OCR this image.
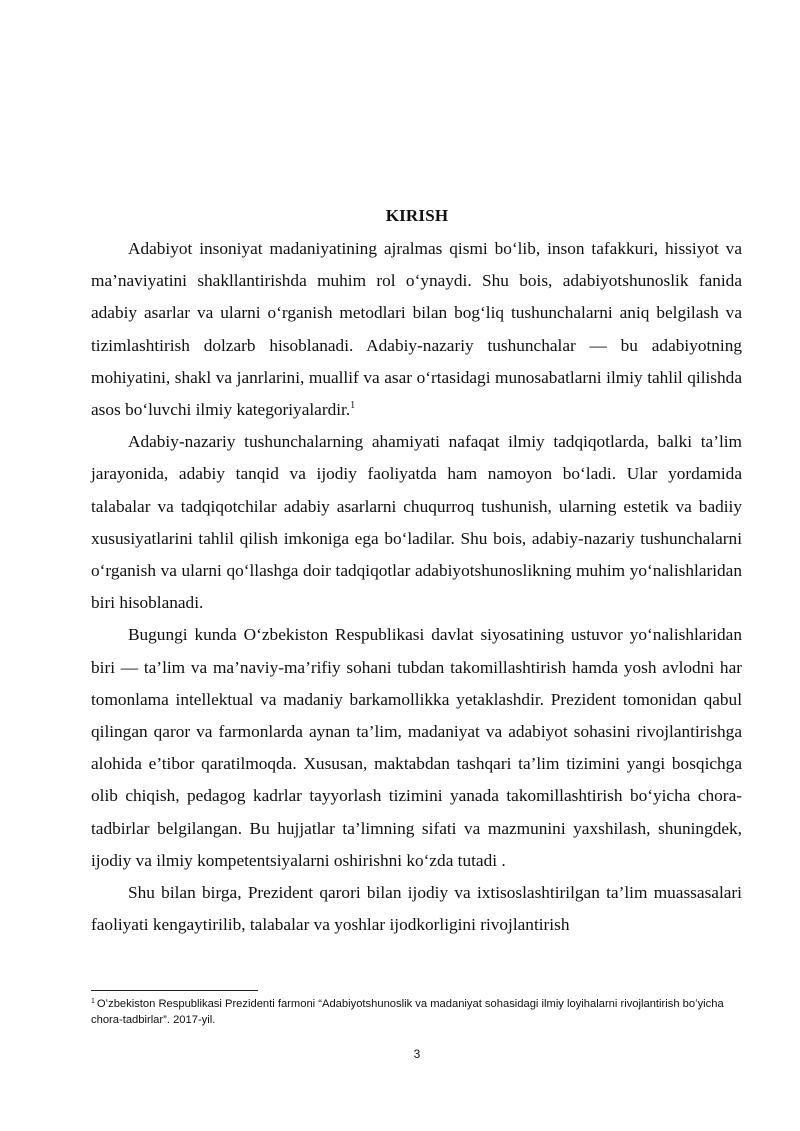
KIRISH

Adabiyot insoniyat madaniyatining ajralmas qismi boʻlib, inson tafakkuri, hissiyot va ma’naviyatini shakllantirishda muhim rol oʻynaydi. Shu bois, adabiyotshunoslik fanida adabiy asarlar va ularni oʻrganish metodlari bilan bogʻliq tushunchalarni aniq belgilash va tizimlashtirish dolzarb hisoblanadi. Adabiy-nazariy tushunchalar — bu adabiyotning mohiyatini, shakl va janrlarini, muallif va asar oʻrtasidagi munosabatlarni ilmiy tahlil qilishda asos boʻluvchi ilmiy kategoriyalardir.$^1$

Adabiy-nazariy tushunchalarning ahamiyati nafaqat ilmiy tadqiqotlarda, balki ta’lim jarayonida, adabiy tanqid va ijodiy faoliyatda ham namoyon boʻladi. Ular yordamida talabalar va tadqiqotchilar adabiy asarlarni chuqurroq tushunish, ularning estetik va badiiy xususiyatlarini tahlil qilish imkoniga ega boʻladilar. Shu bois, adabiy-nazariy tushunchalarni oʻrganish va ularni qoʻllashga doir tadqiqotlar adabiyotshunoslikning muhim yoʻnalishlaridan biri hisoblanadi.

Bugungi kunda Oʻzbekiston Respublikasi davlat siyosatining ustuvor yoʻnalishlaridan biri — ta’lim va ma’naviy-ma’rifiy sohani tubdan takomillashtirish hamda yosh avlodni har tomonlama intellektual va madaniy barkamollikka yetaklashdir. Prezident tomonidan qabul qilingan qaror va farmonlarda aynan ta’lim, madaniyat va adabiyot sohasini rivojlantirishga alohida e’tibor qaratilmoqda. Xususan, maktabdan tashqari ta’lim tizimini yangi bosqichga olib chiqish, pedagog kadrlar tayyorlash tizimini yanada takomillashtirish boʻyicha chora-tadbirlar belgilangan. Bu hujjatlar ta’limning sifati va mazmunini yaxshilash, shuningdek, ijodiy va ilmiy kompetentsiyalarni oshirishni koʻzda tutadi .

Shu bilan birga, Prezident qarori bilan ijodiy va ixtisoslashtirilgan ta’lim muassasalari faoliyati kengaytirilib, talabalar va yoshlar ijodkorligini rivojlantirish

$^1$ Oʻzbekiston Respublikasi Prezidenti farmoni “Adabiyotshunoslik va madaniyat sohasidagi ilmiy loyihalarni rivojlantirish boʻyicha chora-tadbirlar”. 2017-yil.
3
